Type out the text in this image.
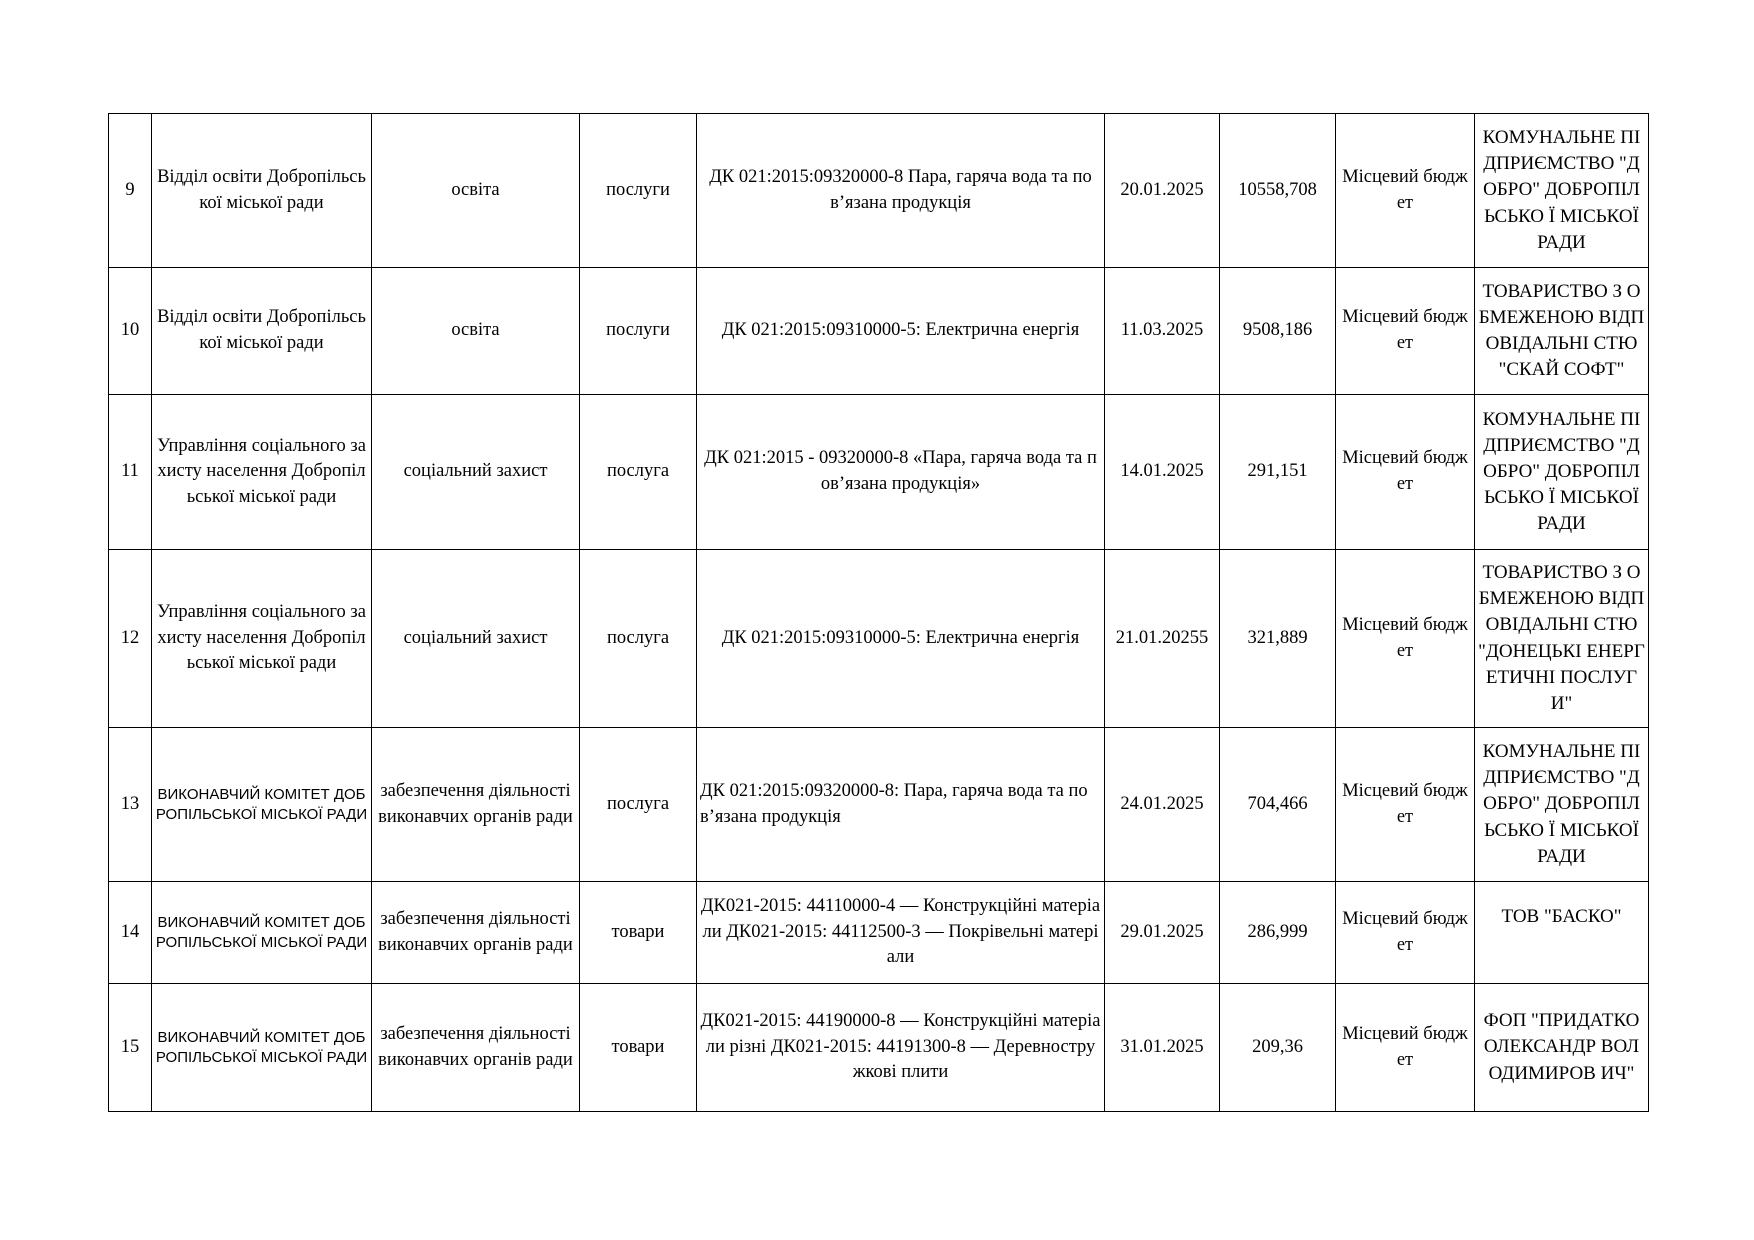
9	Відділ освіти Добропільської міської ради	освіта	послуги	ДК 021:2015:09320000-8 Пара, гаряча вода та пов’язана продукція	20.01.2025	10558,708	Місцевий бюджет	КОМУНАЛЬНЕ ПІДПРИЄМСТВО "ДОБРО" ДОБРОПІЛЬСЬКО Ї МІСЬКОЇ РАДИ
10	Відділ освіти Добропільської міської ради	освіта	послуги	ДК 021:2015:09310000-5: Електрична енергія	11.03.2025	9508,186	Місцевий бюджет	ТОВАРИСТВО З ОБМЕЖЕНОЮ ВІДПОВІДАЛЬНІ СТЮ "СКАЙ СОФТ"
11	Управління соціального захисту населення Добропільської міської ради	соціальний захист	послуга	ДК 021:2015 - 09320000-8 «Пара, гаряча вода та пов’язана продукція»	14.01.2025	291,151	Місцевий бюджет	КОМУНАЛЬНЕ ПІДПРИЄМСТВО "ДОБРО" ДОБРОПІЛЬСЬКО Ї МІСЬКОЇ РАДИ
12	Управління соціального захисту населення Добропільської міської ради	соціальний захист	послуга	ДК 021:2015:09310000-5: Електрична енергія	21.01.20255	321,889	Місцевий бюджет	ТОВАРИСТВО З ОБМЕЖЕНОЮ ВІДПОВІДАЛЬНІ СТЮ "ДОНЕЦЬКІ ЕНЕРГЕТИЧНІ ПОСЛУГИ"
13	ВИКОНАВЧИЙ КОМІТЕТ ДОБРОПІЛЬСЬКОЇ МІСЬКОЇ РАДИ	забезпечення діяльності виконавчих органів ради	послуга	ДК 021:2015:09320000-8: Пара, гаряча вода та пов’язана продукція	24.01.2025	704,466	Місцевий бюджет	КОМУНАЛЬНЕ ПІДПРИЄМСТВО "ДОБРО" ДОБРОПІЛЬСЬКО Ї МІСЬКОЇ РАДИ
14	ВИКОНАВЧИЙ КОМІТЕТ ДОБРОПІЛЬСЬКОЇ МІСЬКОЇ РАДИ	забезпечення діяльності виконавчих органів ради	товари	ДК021-2015: 44110000-4 — Конструкційні матеріали ДК021-2015: 44112500-3 — Покрівельні матеріали	29.01.2025	286,999	Місцевий бюджет	ТОВ "БАСКО"
15	ВИКОНАВЧИЙ КОМІТЕТ ДОБРОПІЛЬСЬКОЇ МІСЬКОЇ РАДИ	забезпечення діяльності виконавчих органів ради	товари	ДК021-2015: 44190000-8 — Конструкційні матеріали різні ДК021-2015: 44191300-8 — Деревностружкові плити	31.01.2025	209,36	Місцевий бюджет	ФОП "ПРИДАТКО ОЛЕКСАНДР ВОЛОДИМИРОВ ИЧ"
